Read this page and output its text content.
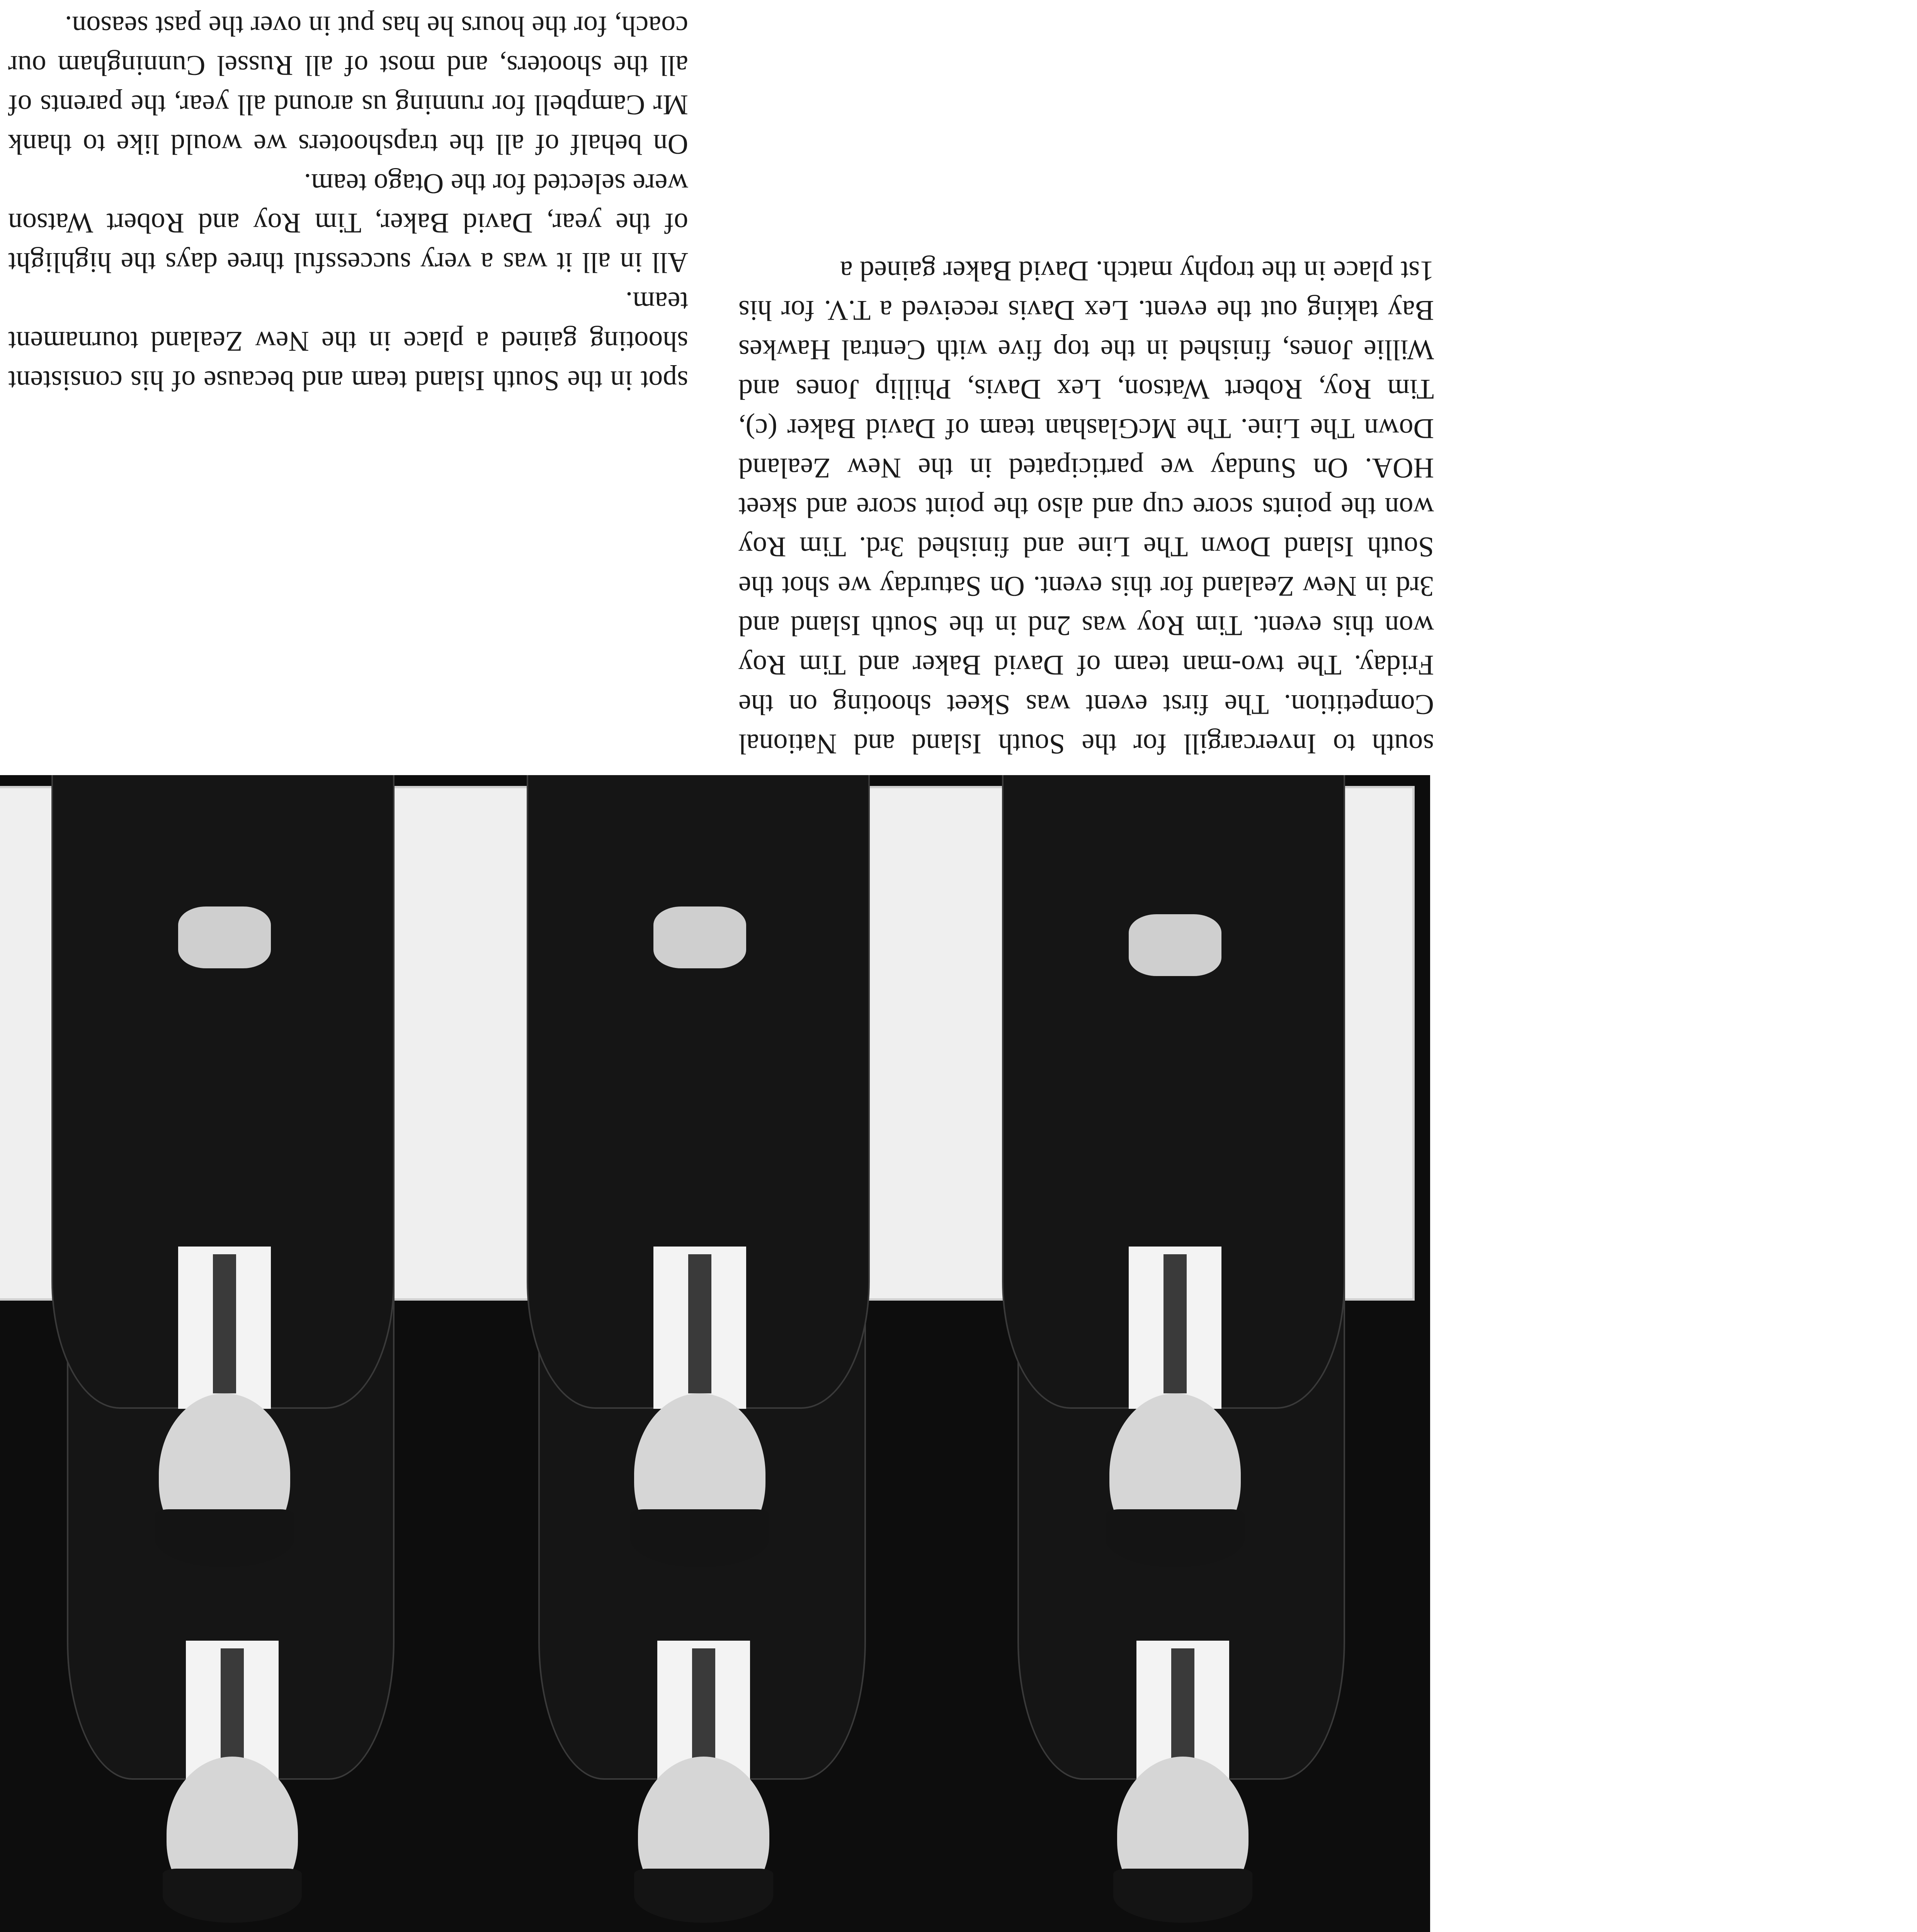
south to Invercargill for the South Island and National Competition. The first event was Skeet shooting on the Friday. The two-man team of David Baker and Tim Roy won this event. Tim Roy was 2nd in the South Island and 3rd in New Zealand for this event. On Saturday we shot the South Island Down The Line and finished 3rd. Tim Roy won the points score cup and also the point score and skeet HOA. On Sunday we participated in the New Zealand Down The Line. The McGlashan team of David Baker (c), Tim Roy, Robert Watson, Lex Davis, Phillip Jones and Willie Jones, finished in the top five with Central Hawkes Bay taking out the event. Lex Davis received a T.V. for his 1st place in the trophy match. David Baker gained a

spot in the South Island team and because of his consistent shooting gained a place in the New Zealand tournament team.

All in all it was a very successful three days the highlight of the year, David Baker, Tim Roy and Robert Watson were selected for the Otago team.

On behalf of all the trapshooters we would like to thank Mr Campbell for running us around all year, the parents of all the shooters, and most of all Russel Cunningham our coach, for the hours he has put in over the past season.
